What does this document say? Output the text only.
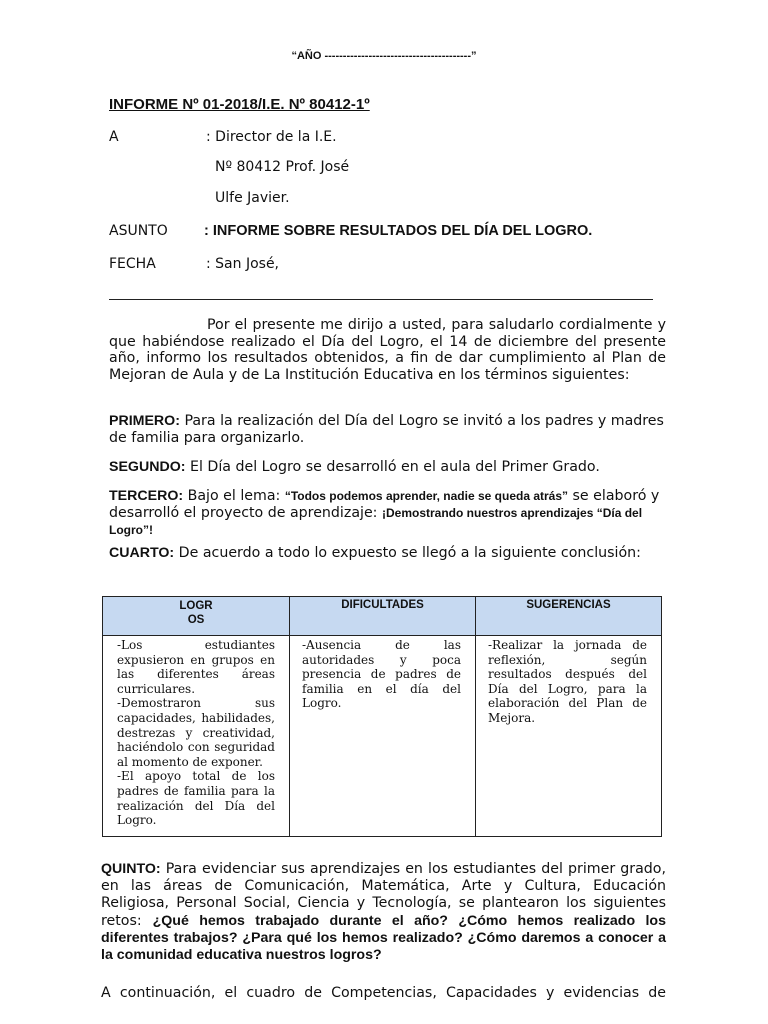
“AÑO ----------------------------------------”
INFORME Nº 01-2018/I.E. Nº 80412-1º
A	: Director de la I.E.
Nº 80412 Prof. José
Ulfe Javier.
ASUNTO : INFORME SOBRE RESULTADOS DEL DÍA DEL LOGRO.
FECHA	: San José,
Por el presente me dirijo a usted, para saludarlo cordialmente y que habiéndose realizado el Día del Logro, el 14 de diciembre del presente año, informo los resultados obtenidos, a fin de dar cumplimiento al Plan de Mejoran de Aula y de La Institución Educativa en los términos siguientes:
PRIMERO: Para la realización del Día del Logro se invitó a los padres y madres de familia para organizarlo.
SEGUNDO: El Día del Logro se desarrolló en el aula del Primer Grado.
TERCERO: Bajo el lema: “Todos podemos aprender, nadie se queda atrás” se elaboró y desarrolló el proyecto de aprendizaje: ¡Demostrando nuestros aprendizajes “Día del Logro”!
CUARTO: De acuerdo a todo lo expuesto se llegó a la siguiente conclusión:
LOGR
OS	DIFICULTADES	SUGERENCIAS

-Los estudiantes expusieron en grupos en las diferentes áreas curriculares.
-Demostraron sus capacidades, habilidades, destrezas y creatividad, haciéndolo con seguridad al momento de exponer.
-El apoyo total de los padres de familia para la realización del Día del Logro.	-Ausencia de las autoridades y poca presencia de padres de familia en el día del Logro.	-Realizar la jornada de reflexión, según resultados después del Día del Logro, para la elaboración del Plan de Mejora.
QUINTO: Para evidenciar sus aprendizajes en los estudiantes del primer grado, en las áreas de Comunicación, Matemática, Arte y Cultura, Educación Religiosa, Personal Social, Ciencia y Tecnología, se plantearon los siguientes retos: ¿Qué hemos trabajado durante el año? ¿Cómo hemos realizado los diferentes trabajos? ¿Para qué los hemos realizado? ¿Cómo daremos a conocer a la comunidad educativa nuestros logros?
A continuación, el cuadro de Competencias, Capacidades y evidencias de
